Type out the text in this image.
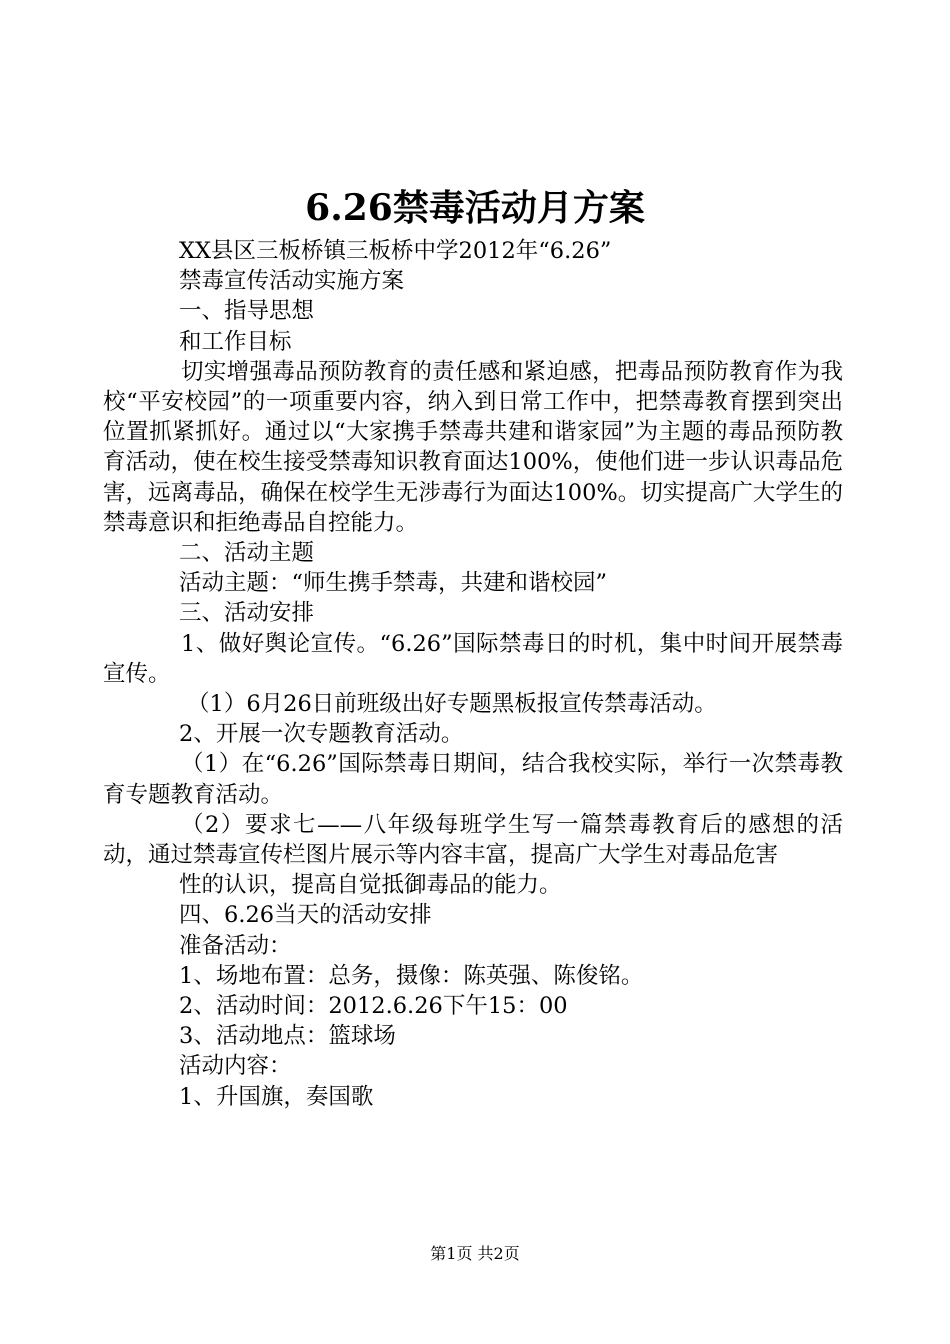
6.26禁毒活动月方案

XX县区三板桥镇三板桥中学2012年“6.26”

禁毒宣传活动实施方案

一、指导思想

和工作目标

切实增强毒品预防教育的责任感和紧迫感，把毒品预防教育作为我校“平安校园”的一项重要内容，纳入到日常工作中，把禁毒教育摆到突出位置抓紧抓好。通过以“大家携手禁毒共建和谐家园”为主题的毒品预防教育活动，使在校生接受禁毒知识教育面达100%，使他们进一步认识毒品危害，远离毒品，确保在校学生无涉毒行为面达100%。切实提高广大学生的禁毒意识和拒绝毒品自控能力。

二、活动主题

活动主题：“师生携手禁毒，共建和谐校园”

三、活动安排

1、做好舆论宣传。“6.26”国际禁毒日的时机，集中时间开展禁毒宣传。

（1）6月26日前班级出好专题黑板报宣传禁毒活动。

2、开展一次专题教育活动。

（1）在“6.26”国际禁毒日期间，结合我校实际，举行一次禁毒教育专题教育活动。

（2）要求七——八年级每班学生写一篇禁毒教育后的感想的活动，通过禁毒宣传栏图片展示等内容丰富，提高广大学生对毒品危害

性的认识，提高自觉抵御毒品的能力。

四、6.26当天的活动安排

准备活动：

1、场地布置：总务，摄像：陈英强、陈俊铭。

2、活动时间：2012.6.26下午15：00

3、活动地点：篮球场

活动内容：

1、升国旗，奏国歌

第1页 共2页
